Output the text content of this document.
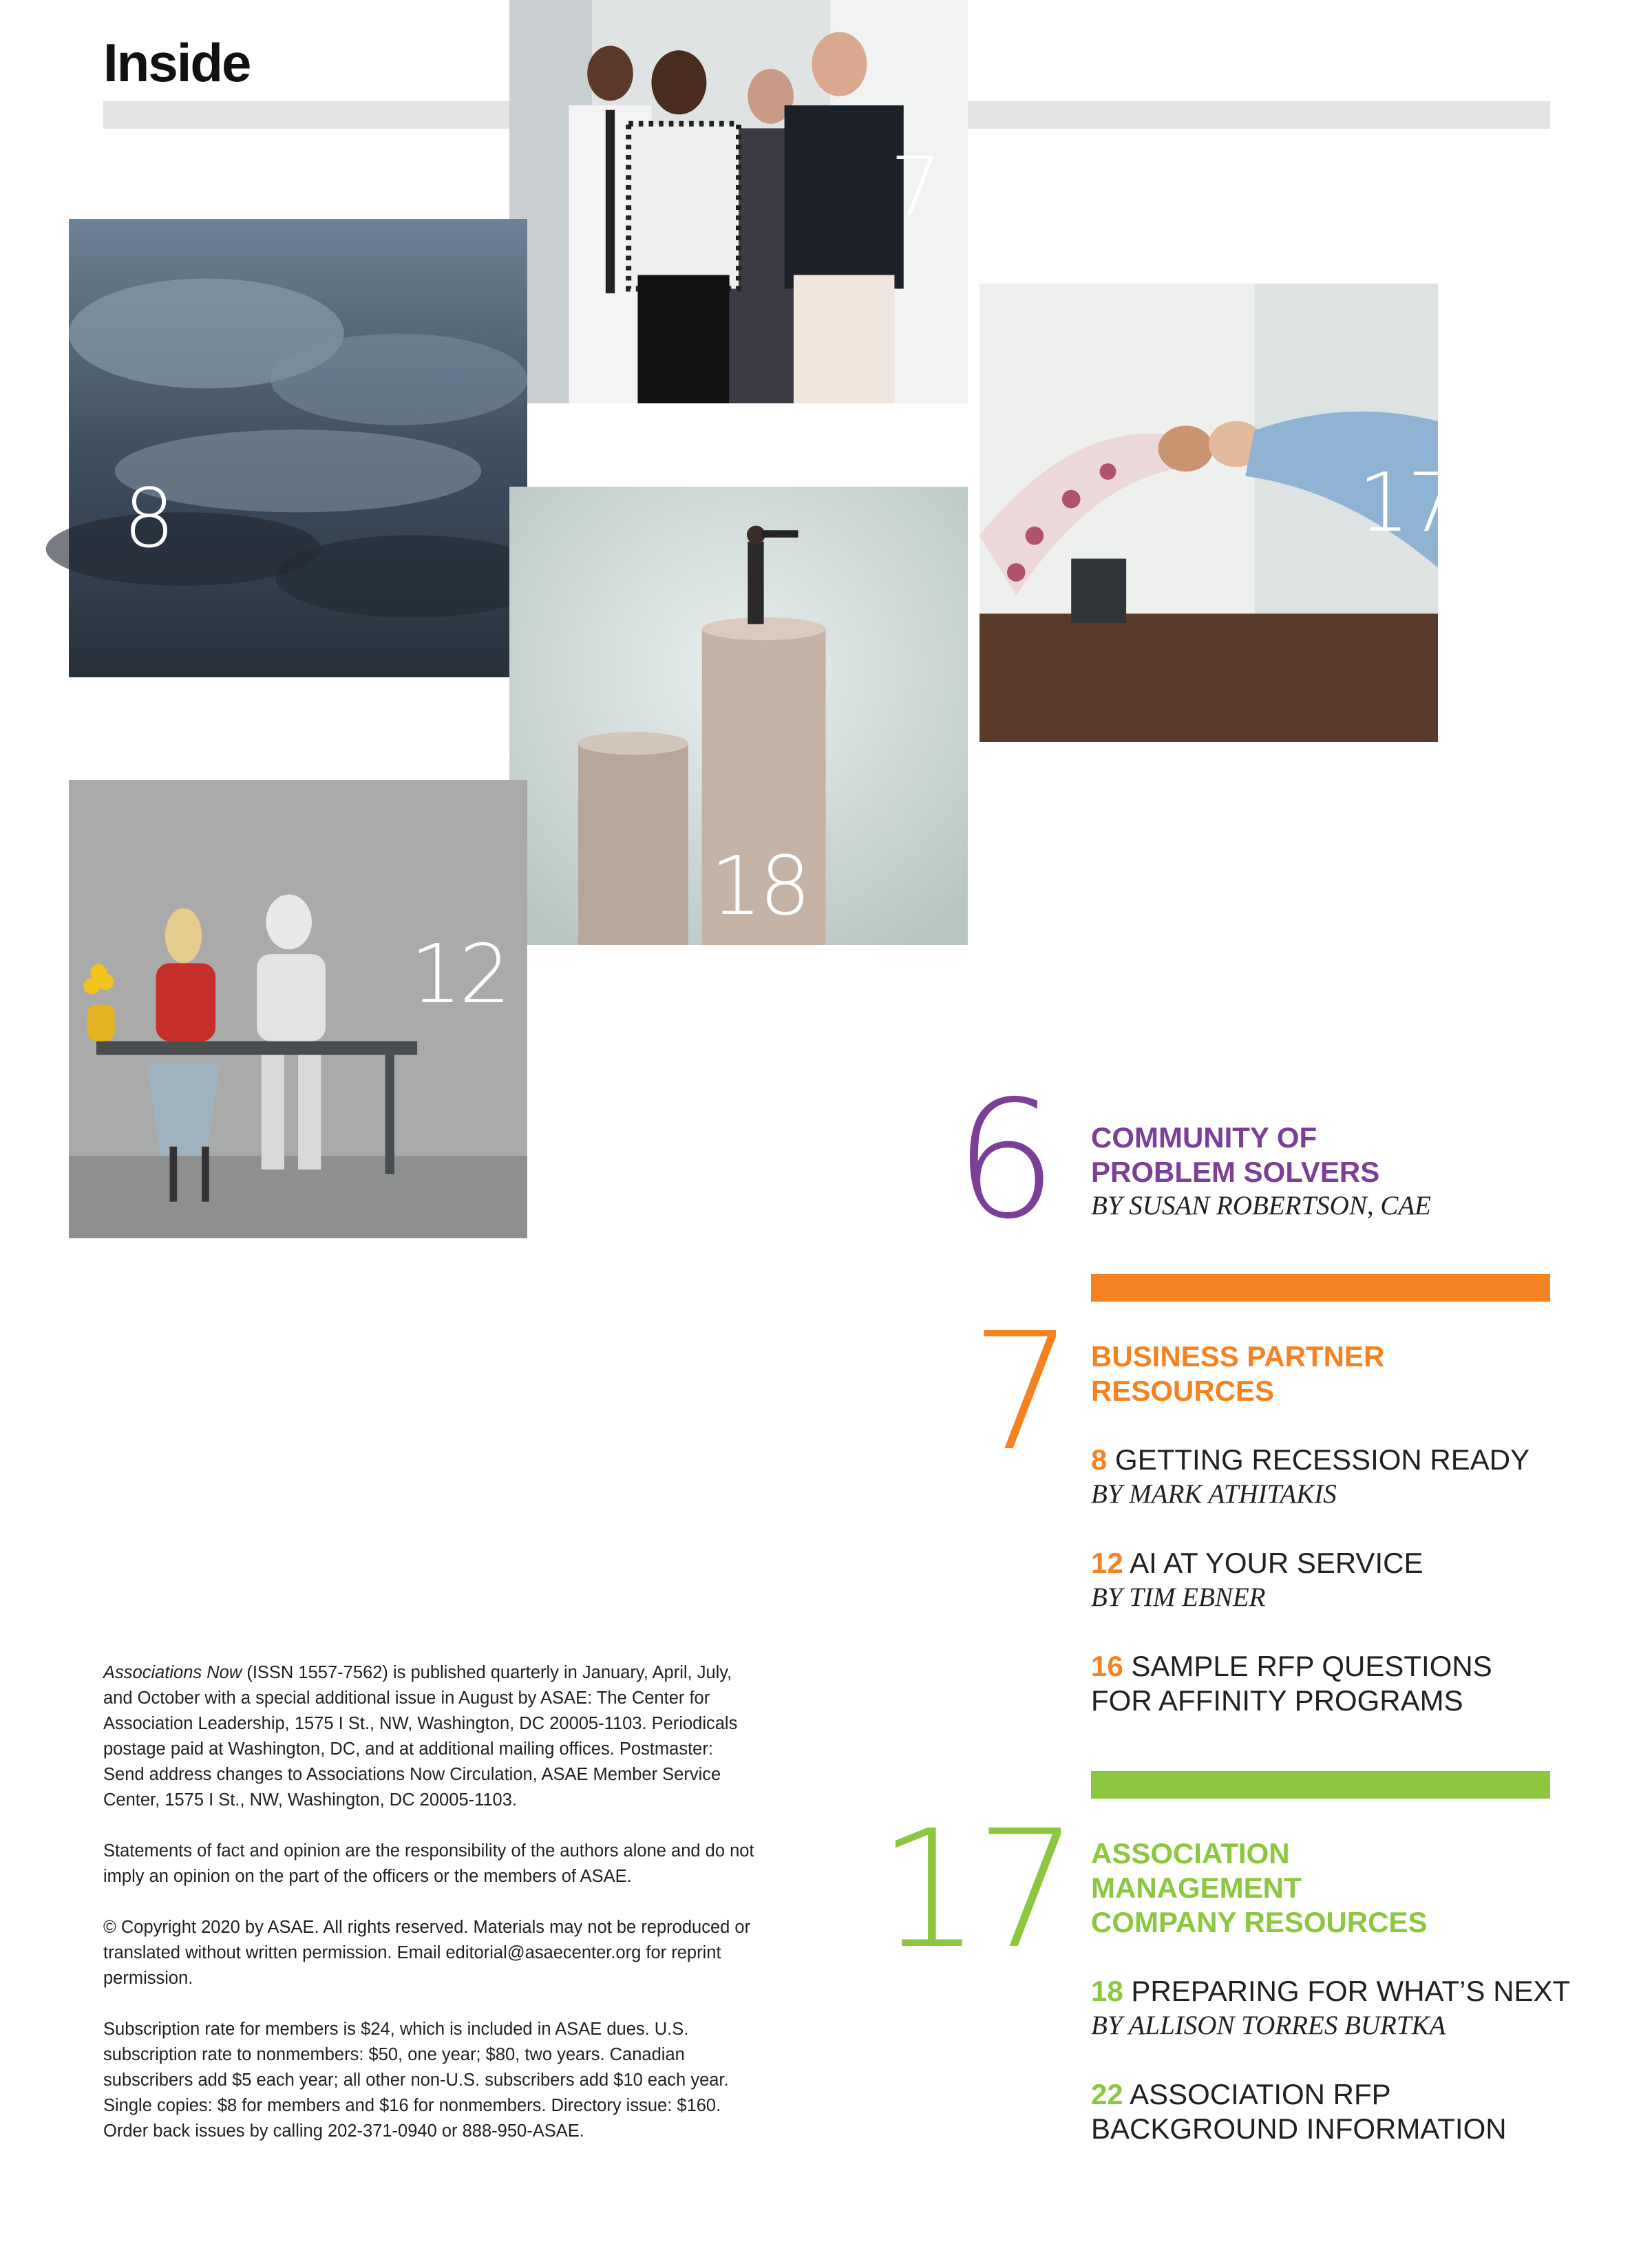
Inside
7
8	17
18
12
6 COMMUNITY OF
PROBLEM SOLVERS
BY SUSAN ROBERTSON, CAE
7 BUSINESS PARTNER
RESOURCES
8 GETTING RECESSION READY
BY MARK ATHITAKIS
12 AI AT YOUR SERVICE
BY TIM EBNER
16 SAMPLE RFP QUESTIONS
FOR AFFINITY PROGRAMS
17 ASSOCIATION
MANAGEMENT
COMPANY RESOURCES
18 PREPARING FOR WHAT’S NEXT
BY ALLISON TORRES BURTKA
22 ASSOCIATION RFP
BACKGROUND INFORMATION

Associations Now (ISSN 1557-7562) is published quarterly in January, April, July, and October with a special additional issue in August by ASAE: The Center for Association Leadership, 1575 I St., NW, Washington, DC 20005-1103. Periodicals postage paid at Washington, DC, and at additional mailing offices. Postmaster: Send address changes to Associations Now Circulation, ASAE Member Service Center, 1575 I St., NW, Washington, DC 20005-1103.

Statements of fact and opinion are the responsibility of the authors alone and do not imply an opinion on the part of the officers or the members of ASAE.

© Copyright 2020 by ASAE. All rights reserved. Materials may not be reproduced or translated without written permission. Email editorial@asaecenter.org for reprint permission.

Subscription rate for members is $24, which is included in ASAE dues. U.S. subscription rate to nonmembers: $50, one year; $80, two years. Canadian subscribers add $5 each year; all other non-U.S. subscribers add $10 each year. Single copies: $8 for members and $16 for nonmembers. Directory issue: $160. Order back issues by calling 202-371-0940 or 888-950-ASAE.
